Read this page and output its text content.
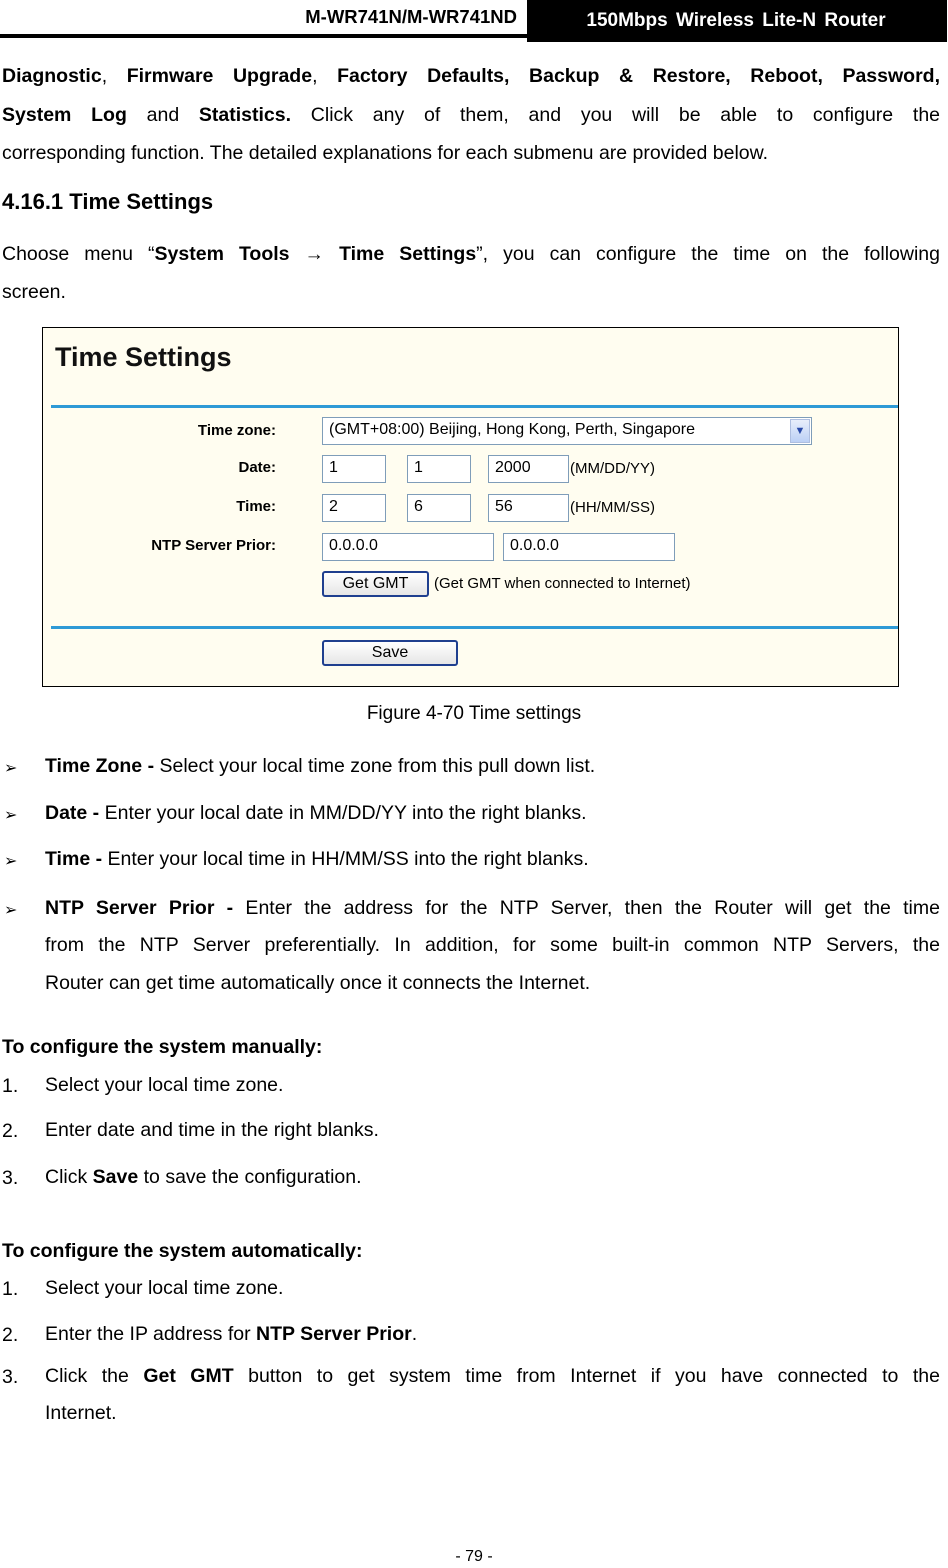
M-WR741N/M-WR741ND	150Mbps Wireless Lite-N Router
Diagnostic, Firmware Upgrade, Factory Defaults, Backup & Restore, Reboot, Password,
System Log and Statistics. Click any of them, and you will be able to configure the
corresponding function. The detailed explanations for each submenu are provided below.
4.16.1 Time Settings
Choose menu “System Tools → Time Settings”, you can configure the time on the following
screen.
Time Settings
Time zone:	(GMT+08:00) Beijing, Hong Kong, Perth, Singapore	▼
Date:	1	1	2000	(MM/DD/YY)
Time:	2	6	56	(HH/MM/SS)
NTP Server Prior:	0.0.0.0	0.0.0.0
Get GMT	(Get GMT when connected to Internet)
Save
Figure 4-70 Time settings
➢ Time Zone - Select your local time zone from this pull down list.
➢ Date - Enter your local date in MM/DD/YY into the right blanks.
➢ Time - Enter your local time in HH/MM/SS into the right blanks.
➢ NTP Server Prior - Enter the address for the NTP Server, then the Router will get the time
from the NTP Server preferentially. In addition, for some built-in common NTP Servers, the
Router can get time automatically once it connects the Internet.
To configure the system manually:
1. Select your local time zone.
2. Enter date and time in the right blanks.
3. Click Save to save the configuration.
To configure the system automatically:
1. Select your local time zone.
2. Enter the IP address for NTP Server Prior.
3. Click the Get GMT button to get system time from Internet if you have connected to the
Internet.
- 79 -
